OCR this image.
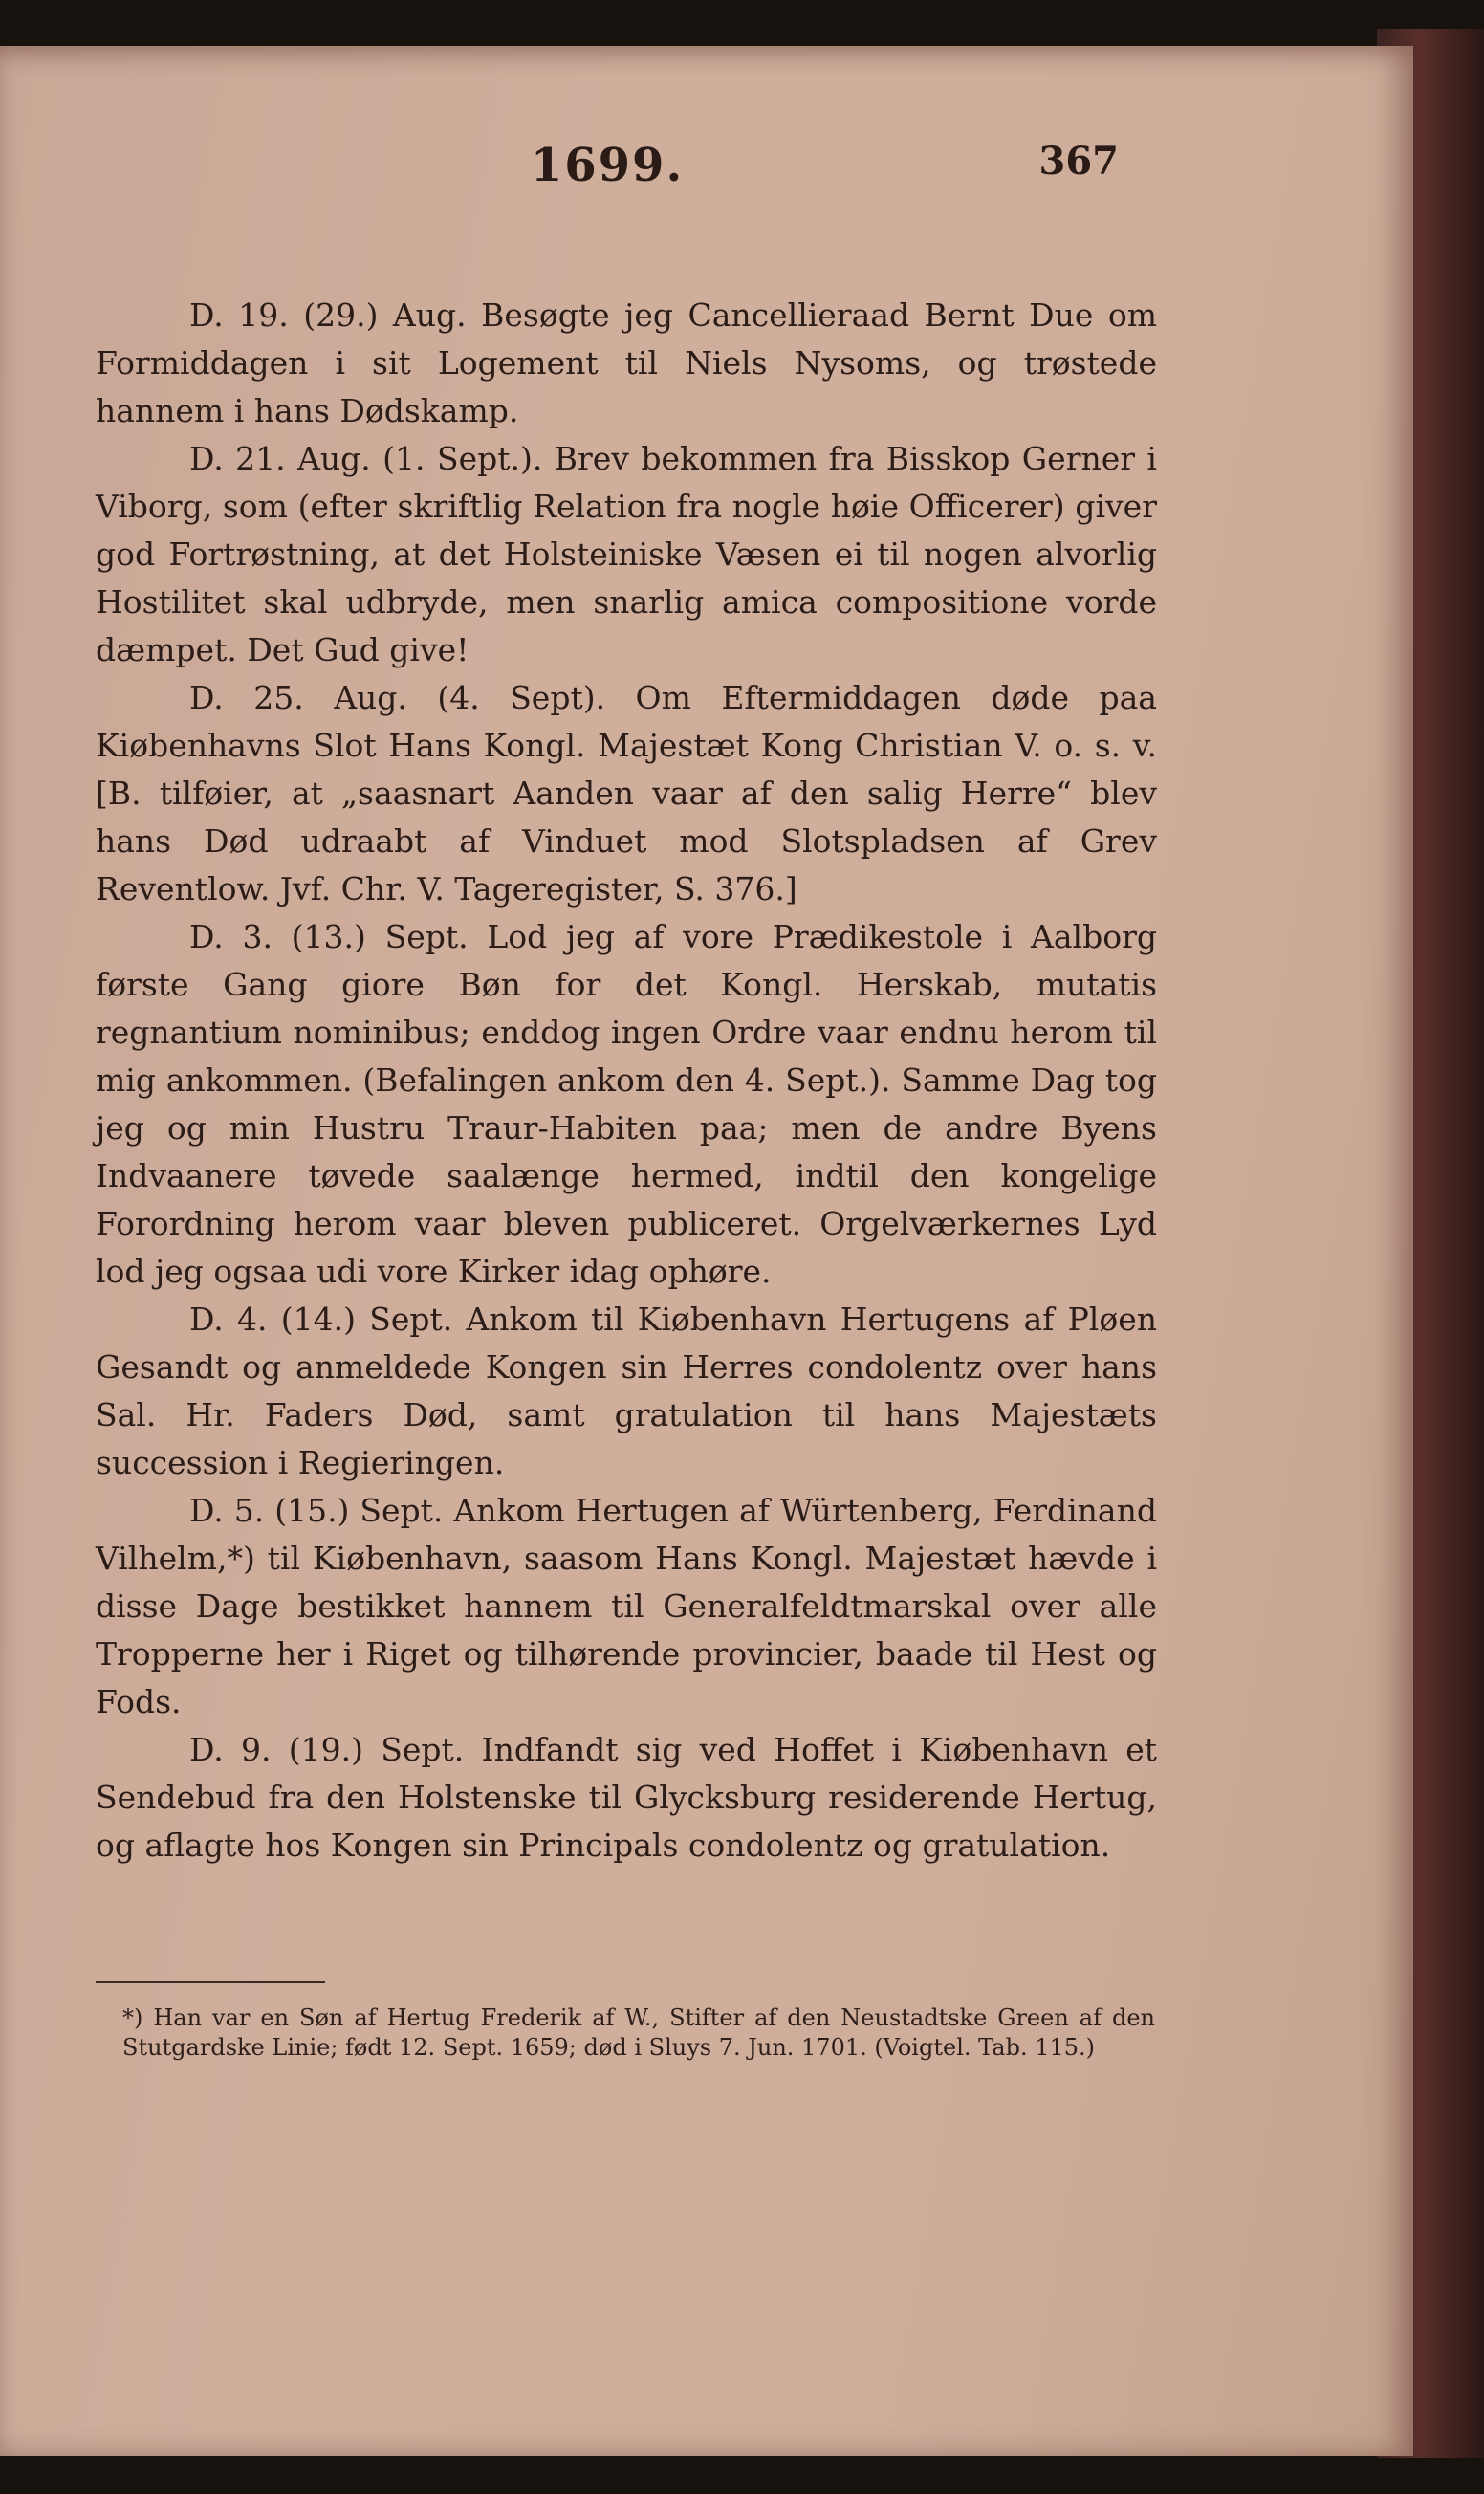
1699.	367

D. 19. (29.) Aug. Besøgte jeg Cancellieraad Bernt Due om Formiddagen i sit Logement til Niels Nysoms, og trøstede hannem i hans Dødskamp.

D. 21. Aug. (1. Sept.). Brev bekommen fra Bisskop Gerner i Viborg, som (efter skriftlig Relation fra nogle høie Officerer) giver god Fortrøstning, at det Holsteiniske Væsen ei til nogen alvorlig Hostilitet skal udbryde, men snarlig amica compositione vorde dæmpet. Det Gud give!

D. 25. Aug. (4. Sept). Om Eftermiddagen døde paa Kiøbenhavns Slot Hans Kongl. Majestæt Kong Christian V. o. s. v. [B. tilføier, at „saasnart Aanden vaar af den salig Herre“ blev hans Død udraabt af Vinduet mod Slotspladsen af Grev Reventlow. Jvf. Chr. V. Tageregister, S. 376.]

D. 3. (13.) Sept. Lod jeg af vore Prædikestole i Aalborg første Gang giore Bøn for det Kongl. Herskab, mutatis regnantium nominibus; enddog ingen Ordre vaar endnu herom til mig ankommen. (Befalingen ankom den 4. Sept.). Samme Dag tog jeg og min Hustru Traur-Habiten paa; men de andre Byens Indvaanere tøvede saalænge hermed, indtil den kongelige Forordning herom vaar bleven publiceret. Orgelværkernes Lyd lod jeg ogsaa udi vore Kirker idag ophøre.

D. 4. (14.) Sept. Ankom til Kiøbenhavn Hertugens af Pløen Gesandt og anmeldede Kongen sin Herres condolentz over hans Sal. Hr. Faders Død, samt gratulation til hans Majestæts succession i Regieringen.

D. 5. (15.) Sept. Ankom Hertugen af Würtenberg, Ferdinand Vilhelm,*) til Kiøbenhavn, saasom Hans Kongl. Majestæt hævde i disse Dage bestikket hannem til Generalfeldtmarskal over alle Tropperne her i Riget og tilhørende provincier, baade til Hest og Fods.

D. 9. (19.) Sept. Indfandt sig ved Hoffet i Kiøbenhavn et Sendebud fra den Holstenske til Glycksburg residerende Hertug, og aflagte hos Kongen sin Principals condolentz og gratulation.

*) Han var en Søn af Hertug Frederik af W., Stifter af den Neustadtske Green af den Stutgardske Linie; født 12. Sept. 1659; død i Sluys 7. Jun. 1701. (Voigtel. Tab. 115.)
